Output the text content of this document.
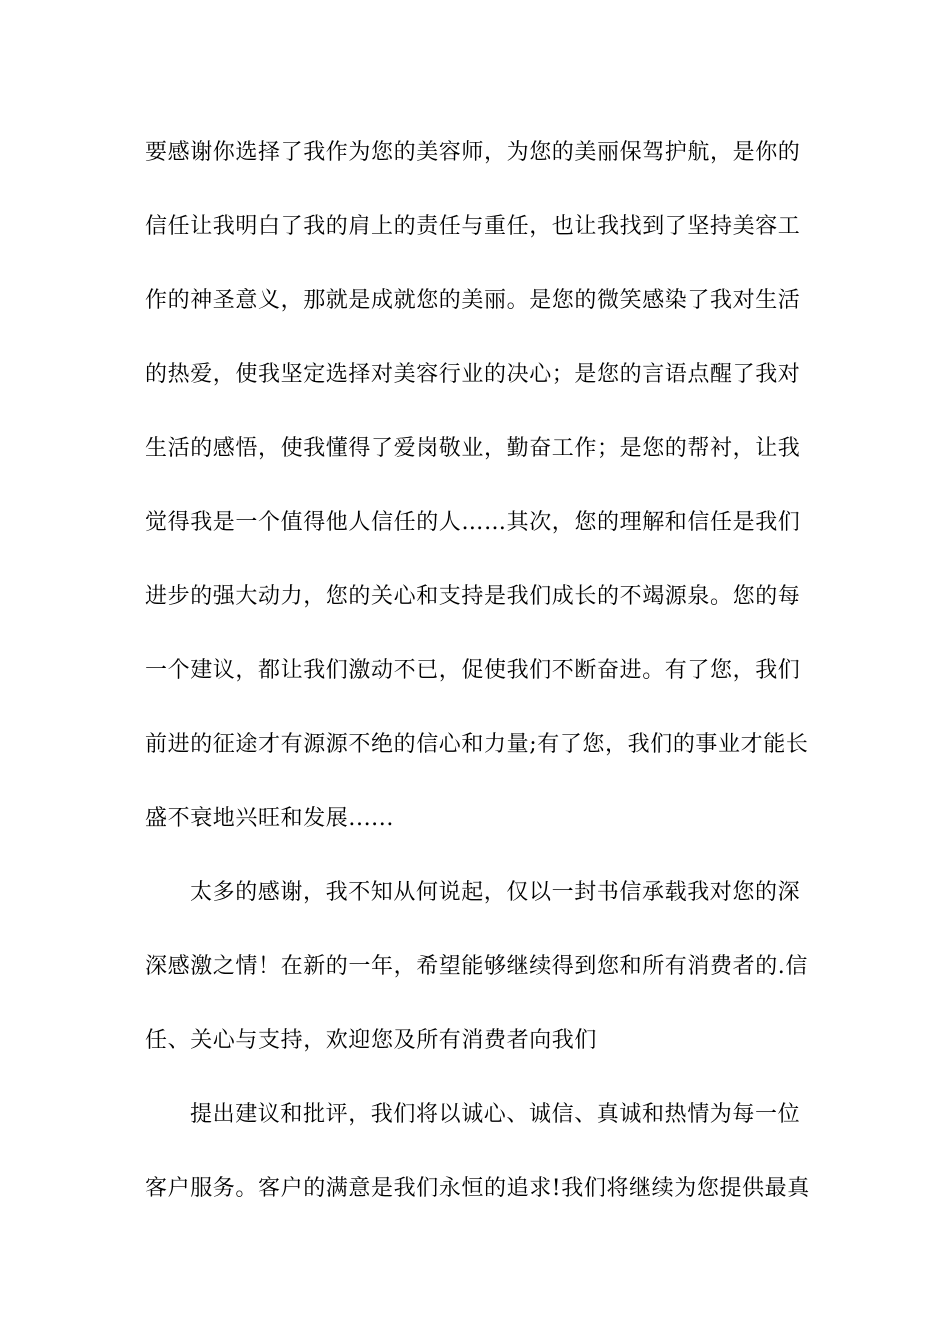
要感谢你选择了我作为您的美容师，为您的美丽保驾护航，是你的
信任让我明白了我的肩上的责任与重任，也让我找到了坚持美容工
作的神圣意义，那就是成就您的美丽。是您的微笑感染了我对生活
的热爱，使我坚定选择对美容行业的决心；是您的言语点醒了我对
生活的感悟，使我懂得了爱岗敬业，勤奋工作；是您的帮衬，让我
觉得我是一个值得他人信任的人……其次，您的理解和信任是我们
进步的强大动力，您的关心和支持是我们成长的不竭源泉。您的每
一个建议，都让我们激动不已，促使我们不断奋进。有了您，我们
前进的征途才有源源不绝的信心和力量;有了您，我们的事业才能长
盛不衰地兴旺和发展......
太多的感谢，我不知从何说起，仅以一封书信承载我对您的深
深感激之情！在新的一年，希望能够继续得到您和所有消费者的.信
任、关心与支持，欢迎您及所有消费者向我们
提出建议和批评，我们将以诚心、诚信、真诚和热情为每一位
客户服务。客户的满意是我们永恒的追求!我们将继续为您提供最真
